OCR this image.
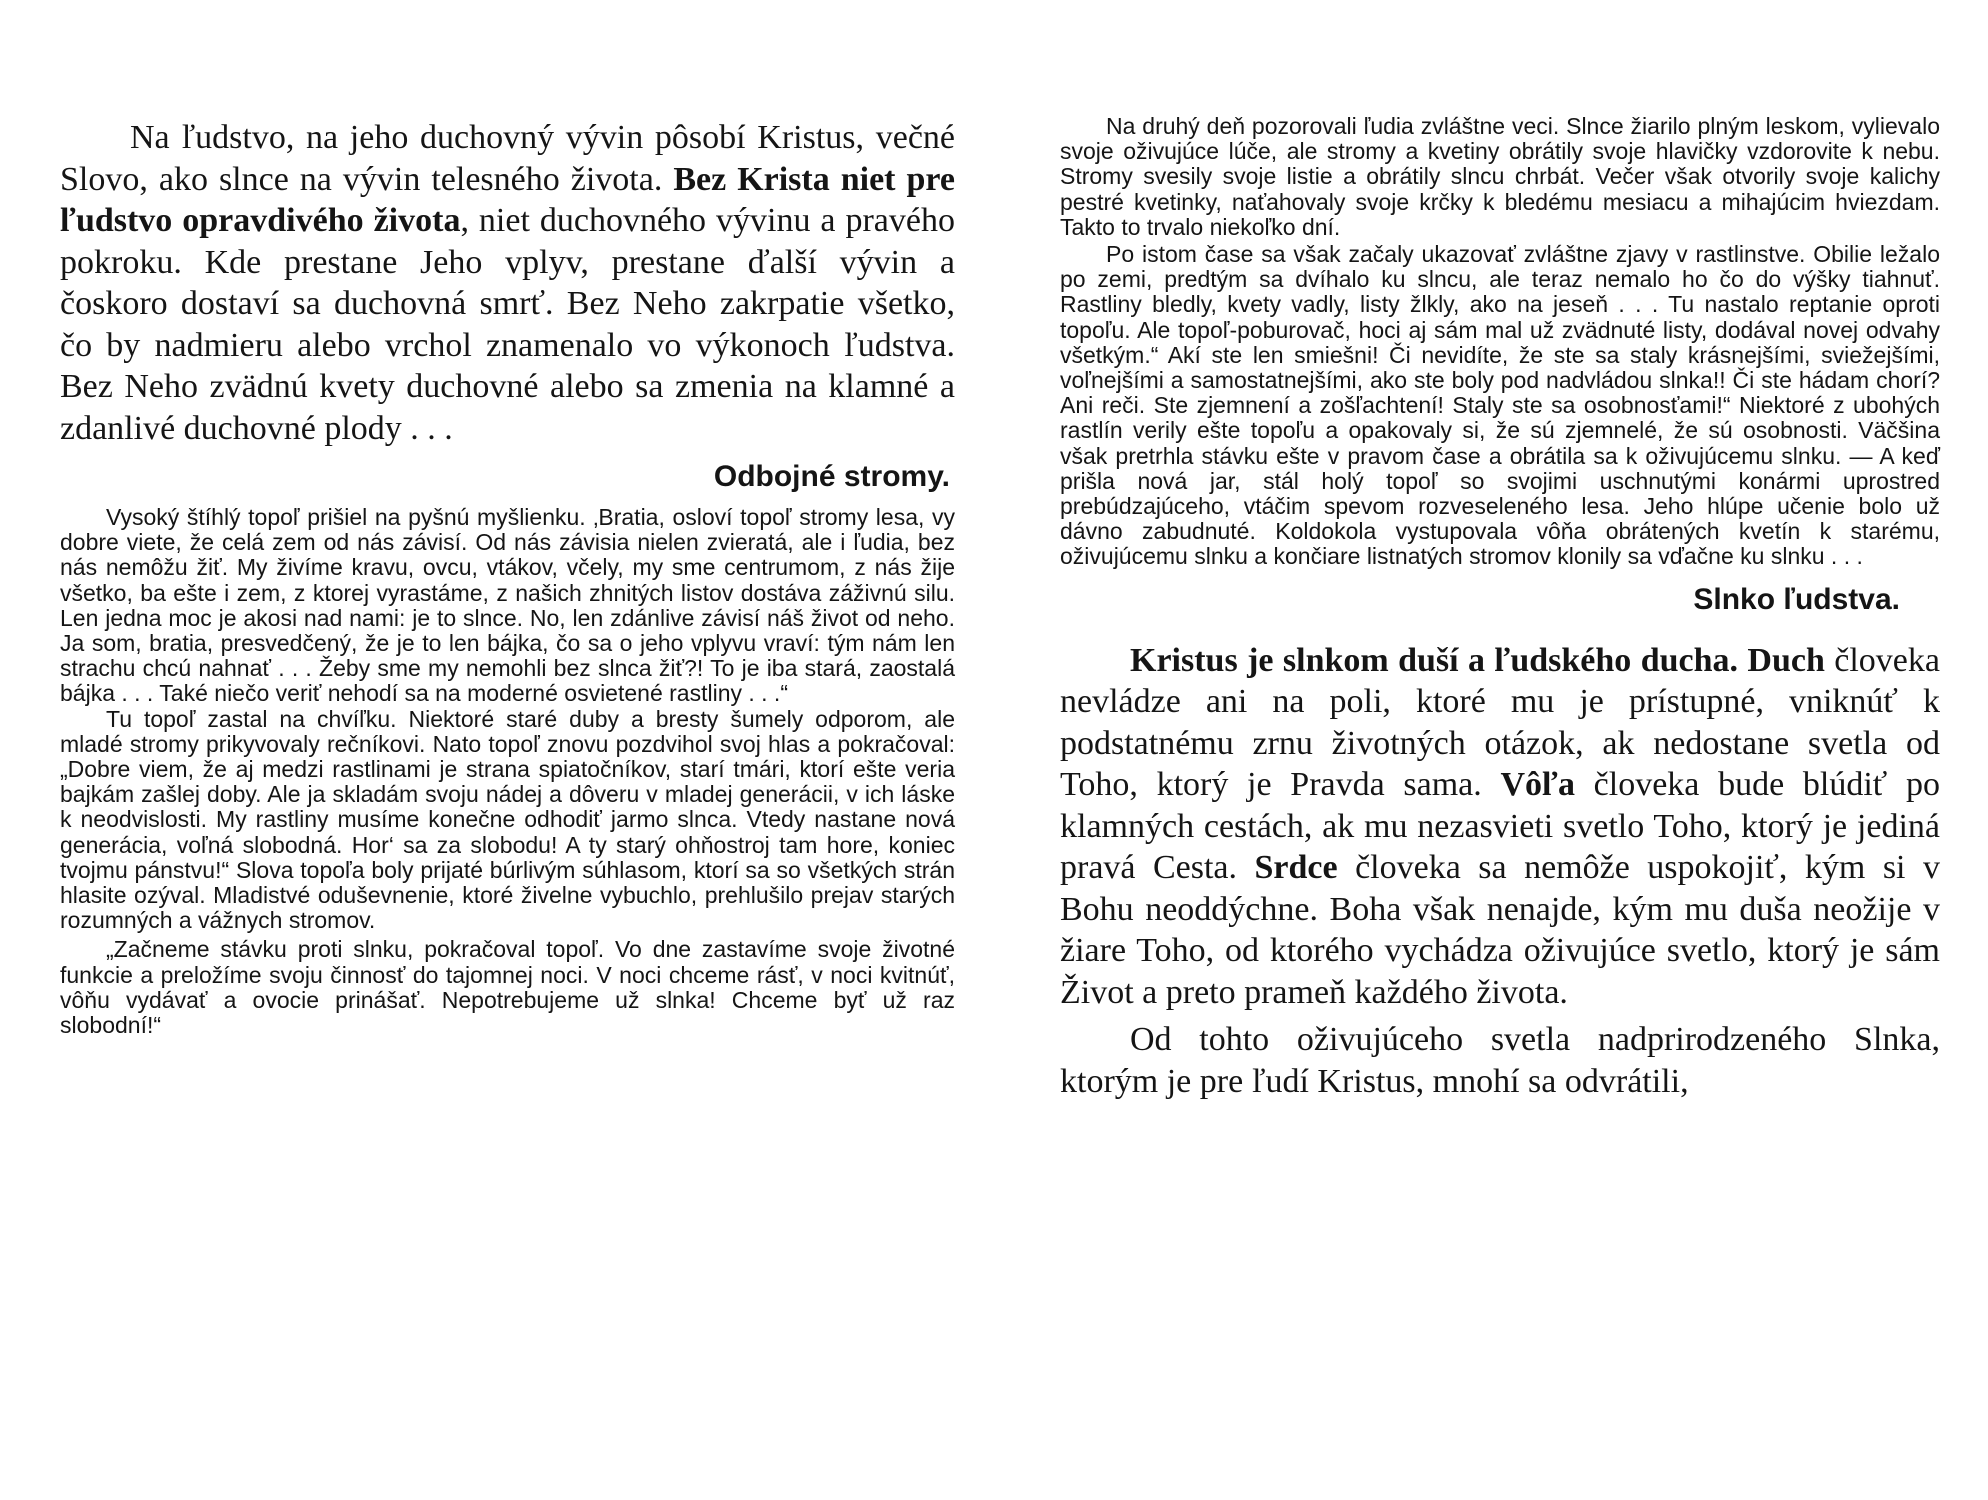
Na ľudstvo, na jeho duchovný vývin pôsobí Kristus, večné Slovo, ako slnce na vývin telesného života. Bez Krista niet pre ľudstvo opravdivého života, niet duchovného vývinu a pravého pokroku. Kde prestane Jeho vplyv, prestane ďalší vývin a čoskoro dostaví sa duchovná smrť. Bez Neho zakrpatie všetko, čo by nadmieru alebo vrchol znamenalo vo výkonoch ľudstva. Bez Neho zvädnú kvety duchovné alebo sa zmenia na klamné a zdanlivé duchovné plody . . .

Odbojné stromy.

Vysoký štíhlý topoľ prišiel na pyšnú myšlienku. ‚Bratia, osloví topoľ stromy lesa, vy dobre viete, že celá zem od nás závisí. Od nás závisia nielen zvieratá, ale i ľudia, bez nás nemôžu žiť. My živíme kravu, ovcu, vtákov, včely, my sme centrumom, z nás žije všetko, ba ešte i zem, z ktorej vyrastáme, z našich zhnitých listov dostáva záživnú silu. Len jedna moc je akosi nad nami: je to slnce. No, len zdánlive závisí náš život od neho. Ja som, bratia, presvedčený, že je to len bájka, čo sa o jeho vplyvu vraví: tým nám len strachu chcú nahnať . . . Žeby sme my nemohli bez slnca žiť?! To je iba stará, zaostalá bájka . . . Také niečo veriť nehodí sa na moderné osvietené rastliny . . .“

Tu topoľ zastal na chvíľku. Niektoré staré duby a bresty šumely odporom, ale mladé stromy prikyvovaly rečníkovi. Nato topoľ znovu pozdvihol svoj hlas a pokračoval: „Dobre viem, že aj medzi rastlinami je strana spiatočníkov, starí tmári, ktorí ešte veria bajkám zašlej doby. Ale ja skladám svoju nádej a dôveru v mladej generácii, v ich láske k neodvislosti. My rastliny musíme konečne odhodiť jarmo slnca. Vtedy nastane nová generácia, voľná slobodná. Hor‘ sa za slobodu! A ty starý ohňostroj tam hore, koniec tvojmu pánstvu!“ Slova topoľa boly prijaté búrlivým súhlasom, ktorí sa so všetkých strán hlasite ozýval. Mladistvé oduševnenie, ktoré živelne vybuchlo, prehlušilo prejav starých rozumných a vážnych stromov.

„Začneme stávku proti slnku, pokračoval topoľ. Vo dne zastavíme svoje životné funkcie a preložíme svoju činnosť do tajomnej noci. V noci chceme rásť, v noci kvitnúť, vôňu vydávať a ovocie prinášať. Nepotrebujeme už slnka! Chceme byť už raz slobodní!“

Na druhý deň pozorovali ľudia zvláštne veci. Slnce žiarilo plným leskom, vylievalo svoje oživujúce lúče, ale stromy a kvetiny obrátily svoje hlavičky vzdorovite k nebu. Stromy svesily svoje listie a obrátily slncu chrbát. Večer však otvorily svoje kalichy pestré kvetinky, naťahovaly svoje krčky k bledému mesiacu a mihajúcim hviezdam. Takto to trvalo niekoľko dní.

Po istom čase sa však začaly ukazovať zvláštne zjavy v rastlinstve. Obilie ležalo po zemi, predtým sa dvíhalo ku slncu, ale teraz nemalo ho čo do výšky tiahnuť. Rastliny bledly, kvety vadly, listy žlkly, ako na jeseň . . . Tu nastalo reptanie oproti topoľu. Ale topoľ-poburovač, hoci aj sám mal už zvädnuté listy, dodával novej odvahy všetkým.“ Akí ste len smiešni! Či nevidíte, že ste sa staly krásnejšími, sviežejšími, voľnejšími a samostatnejšími, ako ste boly pod nadvládou slnka!! Či ste hádam chorí? Ani reči. Ste zjemnení a zošľachtení! Staly ste sa osobnosťami!“ Niektoré z ubohých rastlín verily ešte topoľu a opakovaly si, že sú zjemnelé, že sú osobnosti. Väčšina však pretrhla stávku ešte v pravom čase a obrátila sa k oživujúcemu slnku. — A keď prišla nová jar, stál holý topoľ so svojimi uschnutými konármi uprostred prebúdzajúceho, vtáčim spevom rozveseleného lesa. Jeho hlúpe učenie bolo už dávno zabudnuté. Koldokola vystupovala vôňa obrátených kvetín k starému, oživujúcemu slnku a končiare listnatých stromov klonily sa vďačne ku slnku . . .

Slnko ľudstva.

Kristus je slnkom duší a ľudského ducha. Duch človeka nevládze ani na poli, ktoré mu je prístupné, vniknúť k podstatnému zrnu životných otázok, ak nedostane svetla od Toho, ktorý je Pravda sama. Vôľa človeka bude blúdiť po klamných cestách, ak mu nezasvieti svetlo Toho, ktorý je jediná pravá Cesta. Srdce človeka sa nemôže uspokojiť, kým si v Bohu neoddýchne. Boha však nenajde, kým mu duša neožije v žiare Toho, od ktorého vychádza oživujúce svetlo, ktorý je sám Život a preto prameň každého života.

Od tohto oživujúceho svetla nadprirodzeného Slnka, ktorým je pre ľudí Kristus, mnohí sa odvrátili,
